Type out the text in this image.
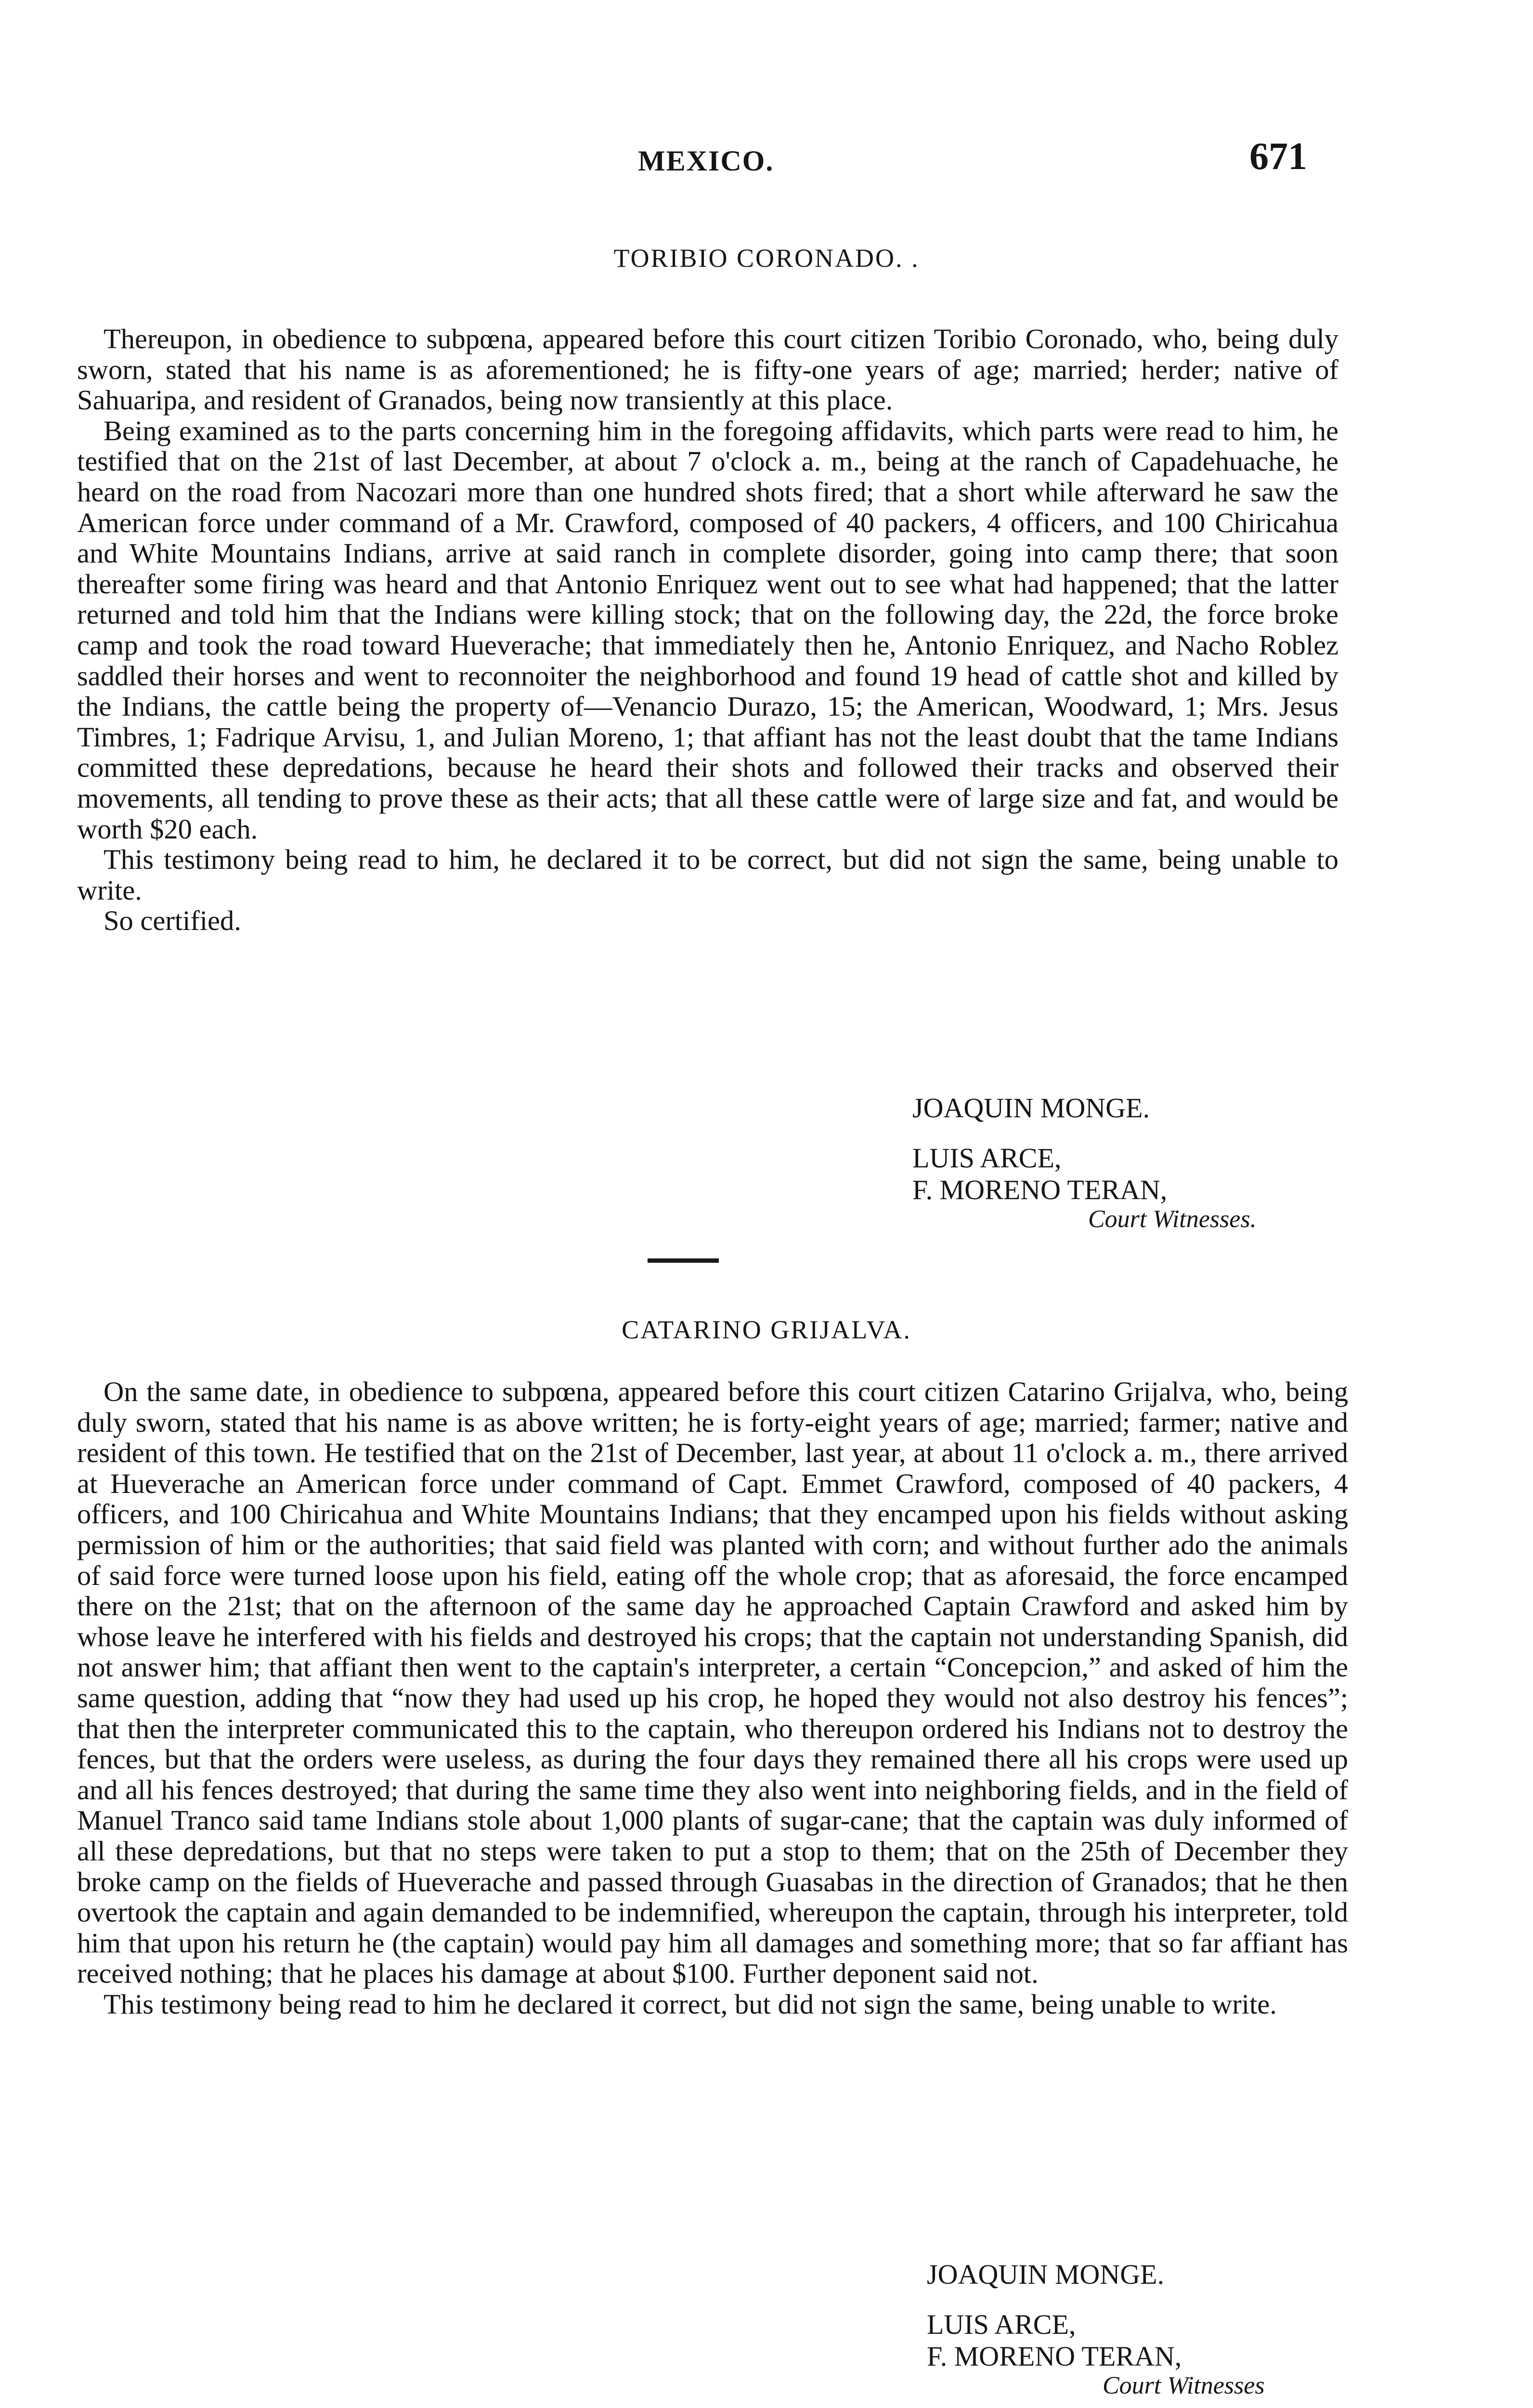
MEXICO.	671
TORIBIO CORONADO. .

Thereupon, in obedience to subpœna, appeared before this court citizen Toribio Coronado, who, being duly sworn, stated that his name is as aforementioned; he is fifty-one years of age; married; herder; native of Sahuaripa, and resident of Granados, being now transiently at this place.

Being examined as to the parts concerning him in the foregoing affidavits, which parts were read to him, he testified that on the 21st of last December, at about 7 o'clock a. m., being at the ranch of Capadehuache, he heard on the road from Nacozari more than one hundred shots fired; that a short while afterward he saw the American force under command of a Mr. Crawford, composed of 40 packers, 4 officers, and 100 Chiricahua and White Mountains Indians, arrive at said ranch in complete disorder, going into camp there; that soon thereafter some firing was heard and that Antonio Enriquez went out to see what had happened; that the latter returned and told him that the Indians were killing stock; that on the following day, the 22d, the force broke camp and took the road toward Hueverache; that immediately then he, Antonio Enriquez, and Nacho Roblez saddled their horses and went to reconnoiter the neighborhood and found 19 head of cattle shot and killed by the Indians, the cattle being the property of—Venancio Durazo, 15; the American, Woodward, 1; Mrs. Jesus Timbres, 1; Fadrique Arvisu, 1, and Julian Moreno, 1; that affiant has not the least doubt that the tame Indians committed these depredations, because he heard their shots and followed their tracks and observed their movements, all tending to prove these as their acts; that all these cattle were of large size and fat, and would be worth $20 each.

This testimony being read to him, he declared it to be correct, but did not sign the same, being unable to write.

So certified.

JOAQUIN MONGE.
LUIS ARCE,
F. MORENO TERAN,
Court Witnesses.
CATARINO GRIJALVA.

On the same date, in obedience to subpœna, appeared before this court citizen Catarino Grijalva, who, being duly sworn, stated that his name is as above written; he is forty-eight years of age; married; farmer; native and resident of this town. He testified that on the 21st of December, last year, at about 11 o'clock a. m., there arrived at Hueverache an American force under command of Capt. Emmet Crawford, composed of 40 packers, 4 officers, and 100 Chiricahua and White Mountains Indians; that they encamped upon his fields without asking permission of him or the authorities; that said field was planted with corn; and without further ado the animals of said force were turned loose upon his field, eating off the whole crop; that as aforesaid, the force encamped there on the 21st; that on the afternoon of the same day he approached Captain Crawford and asked him by whose leave he interfered with his fields and destroyed his crops; that the captain not understanding Spanish, did not answer him; that affiant then went to the captain's interpreter, a certain “Concepcion,” and asked of him the same question, adding that “now they had used up his crop, he hoped they would not also destroy his fences”; that then the interpreter communicated this to the captain, who thereupon ordered his Indians not to destroy the fences, but that the orders were useless, as during the four days they remained there all his crops were used up and all his fences destroyed; that during the same time they also went into neighboring fields, and in the field of Manuel Tranco said tame Indians stole about 1,000 plants of sugar-cane; that the captain was duly informed of all these depredations, but that no steps were taken to put a stop to them; that on the 25th of December they broke camp on the fields of Hueverache and passed through Guasabas in the direction of Granados; that he then overtook the captain and again demanded to be indemnified, whereupon the captain, through his interpreter, told him that upon his return he (the captain) would pay him all damages and something more; that so far affiant has received nothing; that he places his damage at about $100. Further deponent said not.

This testimony being read to him he declared it correct, but did not sign the same, being unable to write.

JOAQUIN MONGE.
LUIS ARCE,
F. MORENO TERAN,
Court Witnesses
